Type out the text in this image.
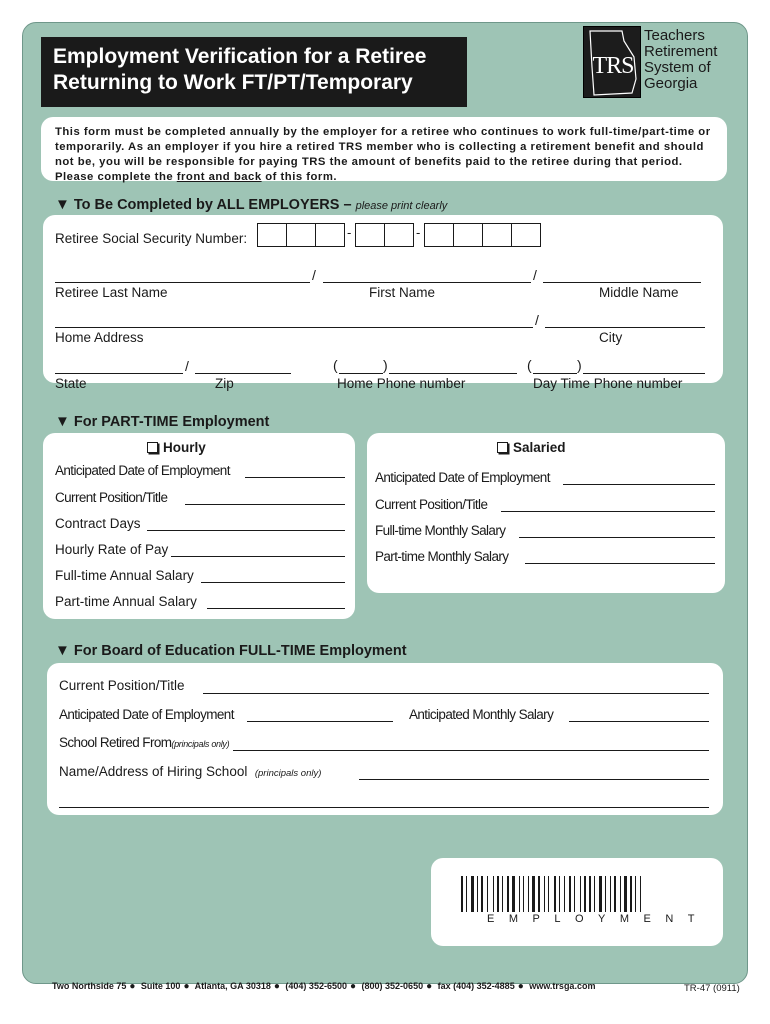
Employment Verification for a Retiree
Returning to Work FT/PT/Temporary
TRS
Teachers
Retirement
System of
Georgia
This form must be completed annually by the employer for a retiree who continues to work full-time/part-time or temporarily. As an employer if you hire a retired TRS member who is collecting a retirement benefit and should not be, you will be responsible for paying TRS the amount of benefits paid to the retiree during that period. Please complete the front and back of this form.
▼ To Be Completed by ALL EMPLOYERS – please print clearly
Retiree Social Security Number:	-	-
/	/
Retiree Last Name	First Name	Middle Name
/
Home Address	City
/	(	)	(	)
State	Zip	Home Phone number	Day Time Phone number
▼ For PART-TIME Employment
Hourly
Anticipated Date of Employment
Current Position/Title
Contract Days
Hourly Rate of Pay
Full-time Annual Salary
Part-time Annual Salary
Salaried
Anticipated Date of Employment
Current Position/Title
Full-time Monthly Salary
Part-time Monthly Salary
▼ For Board of Education FULL-TIME Employment
Current Position/Title
Anticipated Date of Employment	Anticipated Monthly Salary
School Retired From(principals only)
Name/Address of Hiring School (principals only)
EMPLOYMENT
Two Northside 75 ● Suite 100 ● Atlanta, GA 30318 ● (404) 352-6500 ● (800) 352-0650 ● fax (404) 352-4885 ● www.trsga.com	TR-47 (0911)
